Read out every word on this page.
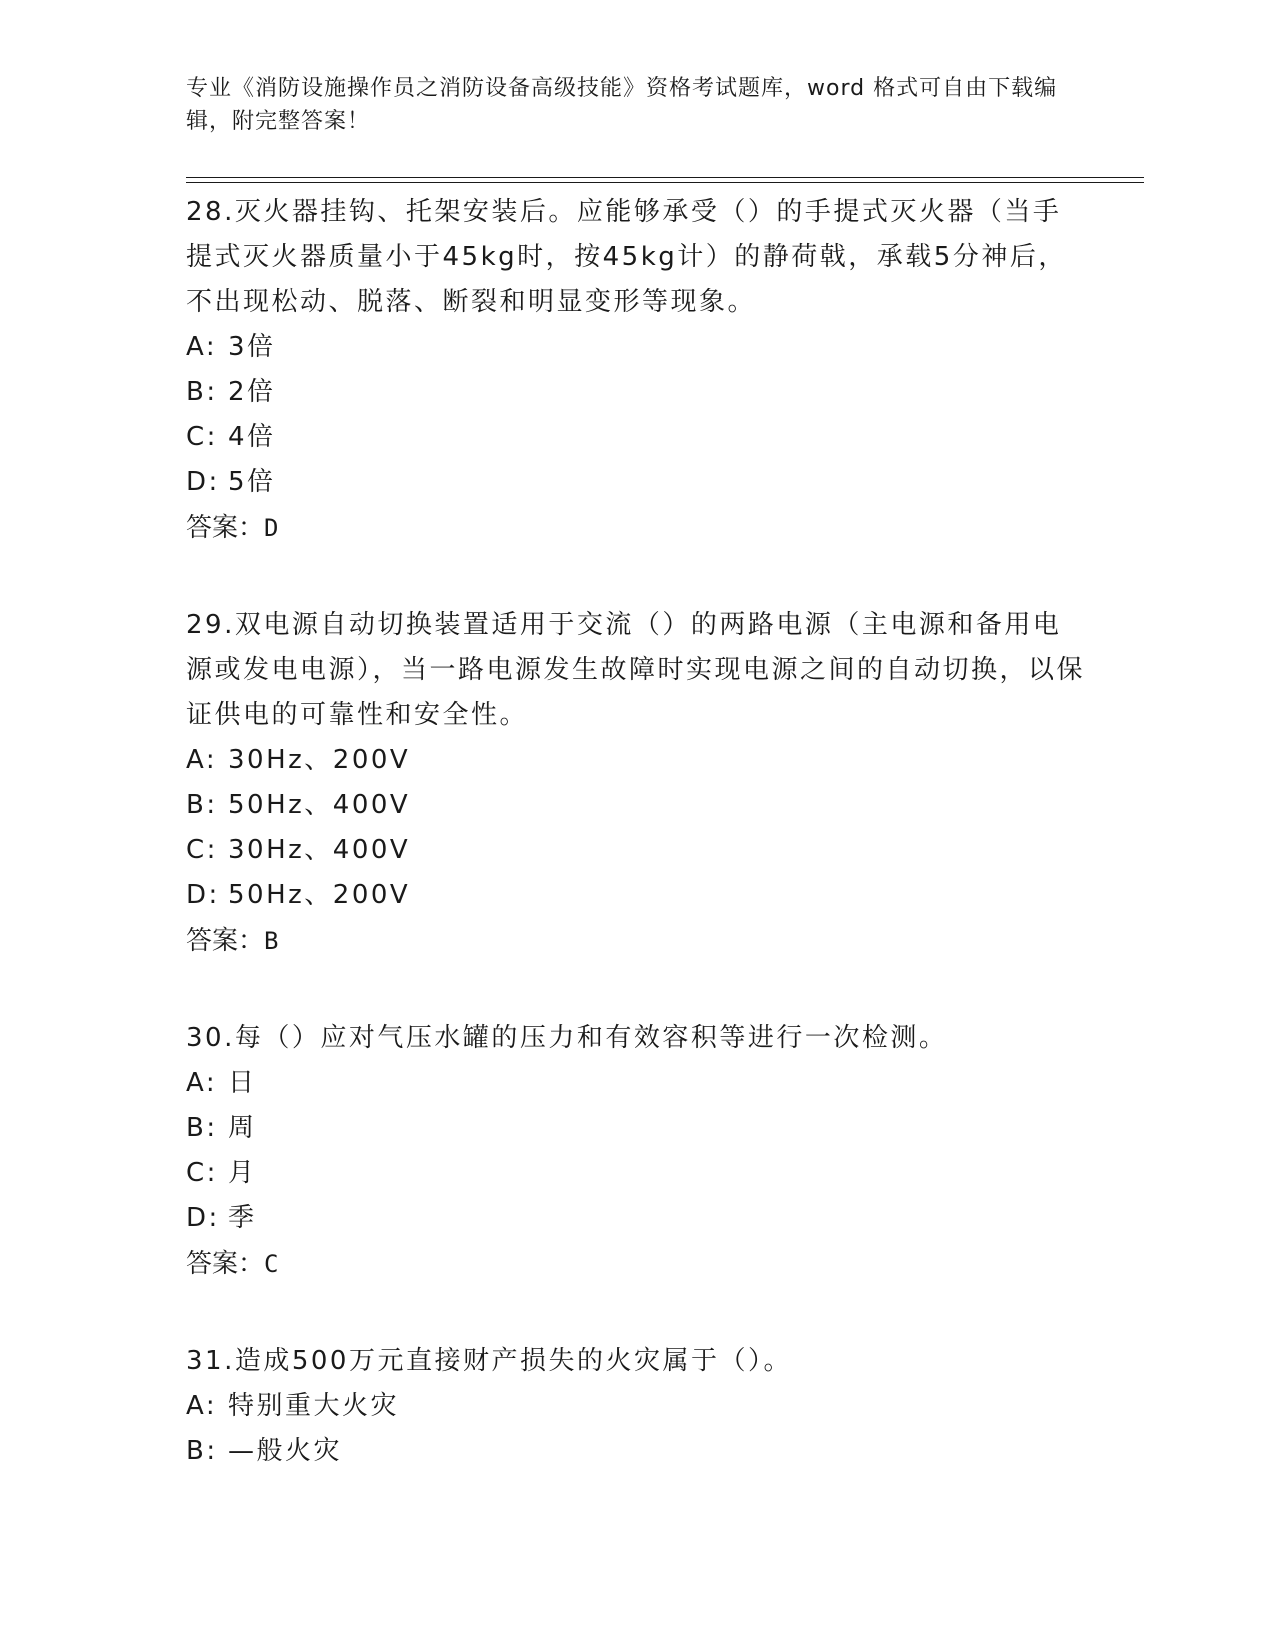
专业《消防设施操作员之消防设备高级技能》资格考试题库，word 格式可自由下载编辑，附完整答案！

28.灭火器挂钩、托架安装后。应能够承受（）的手提式灭火器（当手提式灭火器质量小于45kg时，按45kg计）的静荷戟，承载5分神后，不出现松动、脱落、断裂和明显变形等现象。

A: 3倍

B: 2倍

C: 4倍

D: 5倍

答案：D

29.双电源自动切换装置适用于交流（）的两路电源（主电源和备用电源或发电电源），当一路电源发生故障时实现电源之间的自动切换，以保证供电的可靠性和安全性。

A: 30Hz、200V

B: 50Hz、400V

C: 30Hz、400V

D: 50Hz、200V

答案：B

30.每（）应对气压水罐的压力和有效容积等进行一次检测。

A: 日

B: 周

C: 月

D: 季

答案：C

31.造成500万元直接财产损失的火灾属于（）。

A: 特别重大火灾

B: —般火灾
